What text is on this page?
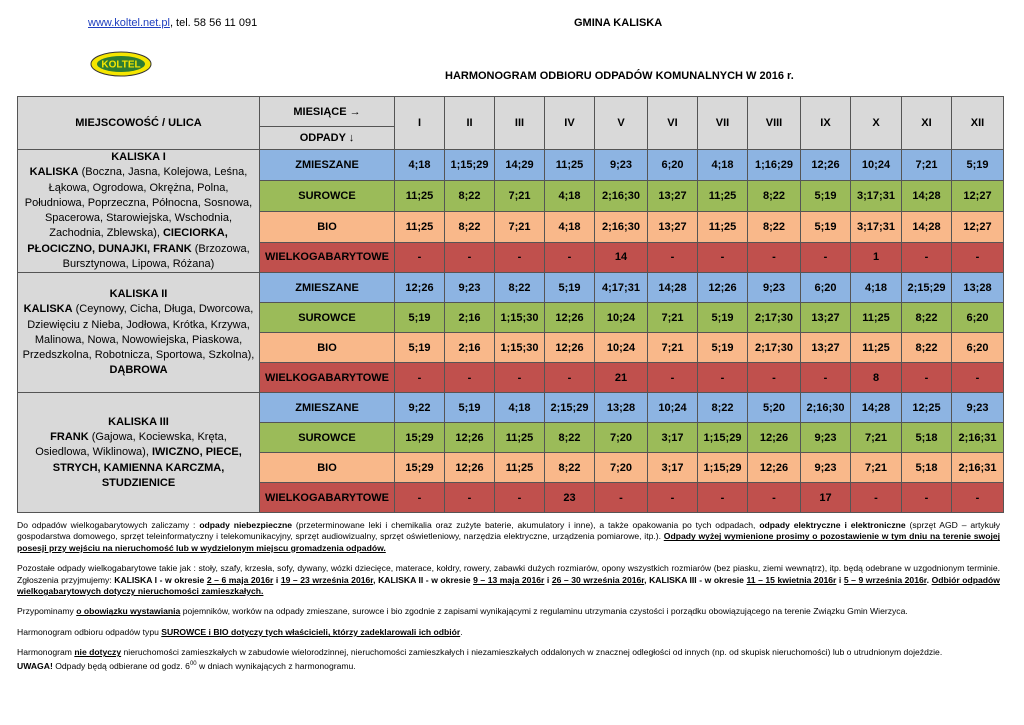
www.koltel.net.pl, tel. 58 56 11 091	GMINA KALISKA
KOLTEL
HARMONOGRAM ODBIORU ODPADÓW KOMUNALNYCH W 2016 r.
MIEJSCOWOŚĆ / ULICA	MIESIĄCE →	I	II	III	IV	V	VI	VII	VIII	IX	X	XI	XII
	ODPADY ↓												
KALISKA I
KALISKA (Boczna, Jasna, Kolejowa, Leśna, Łąkowa, Ogrodowa, Okrężna, Polna, Południowa, Poprzeczna, Północna, Sosnowa, Spacerowa, Starowiejska, Wschodnia, Zachodnia, Zblewska), CIECIORKA, PŁOCICZNO, DUNAJKI, FRANK (Brzozowa, Bursztynowa, Lipowa, Różana)	ZMIESZANE	4;18	1;15;29	14;29	11;25	9;23	6;20	4;18	1;16;29	12;26	10;24	7;21	5;19
	SUROWCE	11;25	8;22	7;21	4;18	2;16;30	13;27	11;25	8;22	5;19	3;17;31	14;28	12;27
	BIO	11;25	8;22	7;21	4;18	2;16;30	13;27	11;25	8;22	5;19	3;17;31	14;28	12;27
	WIELKOGABARYTOWE	-	-	-	-	14	-	-	-	-	1	-	-
KALISKA II
KALISKA (Ceynowy, Cicha, Długa, Dworcowa, Dziewięciu z Nieba, Jodłowa, Krótka, Krzywa, Malinowa, Nowa, Nowowiejska, Piaskowa, Przedszkolna, Robotnicza, Sportowa, Szkolna), DĄBROWA	ZMIESZANE	12;26	9;23	8;22	5;19	4;17;31	14;28	12;26	9;23	6;20	4;18	2;15;29	13;28
	SUROWCE	5;19	2;16	1;15;30	12;26	10;24	7;21	5;19	2;17;30	13;27	11;25	8;22	6;20
	BIO	5;19	2;16	1;15;30	12;26	10;24	7;21	5;19	2;17;30	13;27	11;25	8;22	6;20
	WIELKOGABARYTOWE	-	-	-	-	21	-	-	-	-	8	-	-
KALISKA III
FRANK (Gajowa, Kociewska, Kręta, Osiedlowa, Wiklinowa), IWICZNO, PIECE, STRYCH, KAMIENNA KARCZMA, STUDZIENICE	ZMIESZANE	9;22	5;19	4;18	2;15;29	13;28	10;24	8;22	5;20	2;16;30	14;28	12;25	9;23
	SUROWCE	15;29	12;26	11;25	8;22	7;20	3;17	1;15;29	12;26	9;23	7;21	5;18	2;16;31
	BIO	15;29	12;26	11;25	8;22	7;20	3;17	1;15;29	12;26	9;23	7;21	5;18	2;16;31
	WIELKOGABARYTOWE	-	-	-	23	-	-	-	-	17	-	-	-

Do odpadów wielkogabarytowych zaliczamy : odpady niebezpieczne (przeterminowane leki i chemikalia oraz zużyte baterie, akumulatory i inne), a także opakowania po tych odpadach, odpady elektryczne i elektroniczne (sprzęt AGD – artykuły gospodarstwa domowego, sprzęt teleinformatyczny i telekomunikacyjny, sprzęt audiowizualny, sprzęt oświetleniowy, narzędzia elektryczne, urządzenia pomiarowe, itp.). Odpady wyżej wymienione prosimy o pozostawienie w tym dniu na terenie swojej posesji przy wejściu na nieruchomość lub w wydzielonym miejscu gromadzenia odpadów.

Pozostałe odpady wielkogabarytowe takie jak : stoły, szafy, krzesła, sofy, dywany, wózki dziecięce, materace, kołdry, rowery, zabawki dużych rozmiarów, opony wszystkich rozmiarów (bez piasku, ziemi wewnątrz), itp. będą odebrane w uzgodnionym terminie. Zgłoszenia przyjmujemy: KALISKA I - w okresie 2 – 6 maja 2016r i 19 – 23 września 2016r, KALISKA II - w okresie 9 – 13 maja 2016r i 26 – 30 września 2016r, KALISKA III - w okresie 11 – 15 kwietnia 2016r i 5 – 9 września 2016r. Odbiór odpadów wielkogabarytowych dotyczy nieruchomości zamieszkałych.

Przypominamy o obowiązku wystawiania pojemników, worków na odpady zmieszane, surowce i bio zgodnie z zapisami wynikającymi z regulaminu utrzymania czystości i porządku obowiązującego na terenie Związku Gmin Wierzyca.

Harmonogram odbioru odpadów typu SUROWCE i BIO dotyczy tych właścicieli, którzy zadeklarowali ich odbiór.

Harmonogram nie dotyczy nieruchomości zamieszkałych w zabudowie wielorodzinnej, nieruchomości zamieszkałych i niezamieszkałych oddalonych w znacznej odległości od innych (np. od skupisk nieruchomości) lub o utrudnionym dojeździe.
UWAGA! Odpady będą odbierane od godz. $6^{00}$ w dniach wynikających z harmonogramu.
